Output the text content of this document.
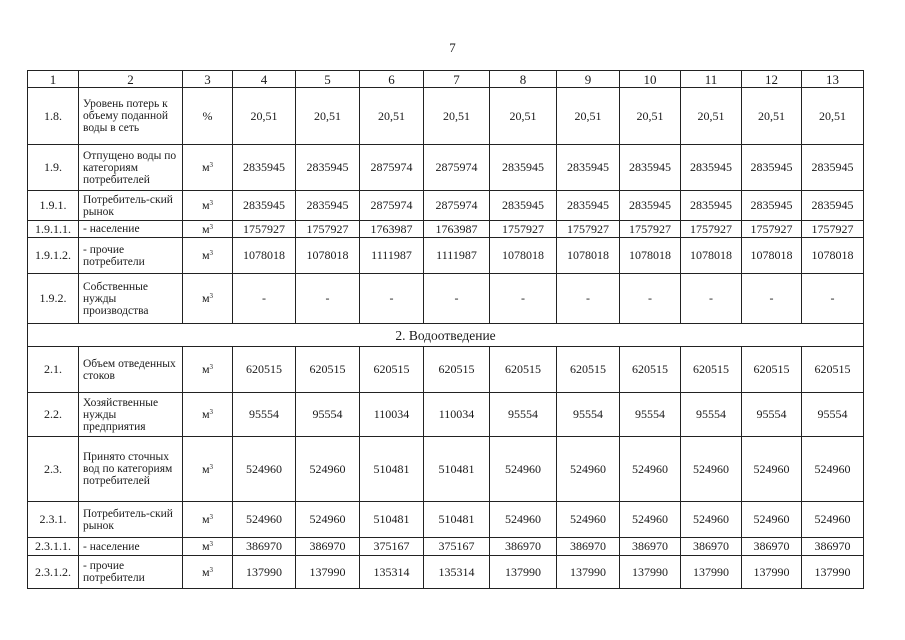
7
1	2	3	4	5	6	7	8	9	10	11	12	13
1.8.	Уровень потерь к объему поданной воды в сеть	%	20,51	20,51	20,51	20,51	20,51	20,51	20,51	20,51	20,51	20,51
1.9.	Отпущено воды по категориям потребителей	$м^3$	2835945	2835945	2875974	2875974	2835945	2835945	2835945	2835945	2835945	2835945
1.9.1.	Потребитель-ский рынок	$м^3$	2835945	2835945	2875974	2875974	2835945	2835945	2835945	2835945	2835945	2835945
1.9.1.1.	- население	$м^3$	1757927	1757927	1763987	1763987	1757927	1757927	1757927	1757927	1757927	1757927
1.9.1.2.	- прочие потребители	$м^3$	1078018	1078018	1111987	1111987	1078018	1078018	1078018	1078018	1078018	1078018
1.9.2.	Собственные нужды производства	$м^3$	-	-	-	-	-	-	-	-	-	-
2. Водоотведение												
2.1.	Объем отведенных стоков	$м^3$	620515	620515	620515	620515	620515	620515	620515	620515	620515	620515
2.2.	Хозяйственные нужды предприятия	$м^3$	95554	95554	110034	110034	95554	95554	95554	95554	95554	95554
2.3.	Принято сточных вод по категориям потребителей	$м^3$	524960	524960	510481	510481	524960	524960	524960	524960	524960	524960
2.3.1.	Потребитель-ский рынок	$м^3$	524960	524960	510481	510481	524960	524960	524960	524960	524960	524960
2.3.1.1.	- население	$м^3$	386970	386970	375167	375167	386970	386970	386970	386970	386970	386970
2.3.1.2.	- прочие потребители	$м^3$	137990	137990	135314	135314	137990	137990	137990	137990	137990	137990
